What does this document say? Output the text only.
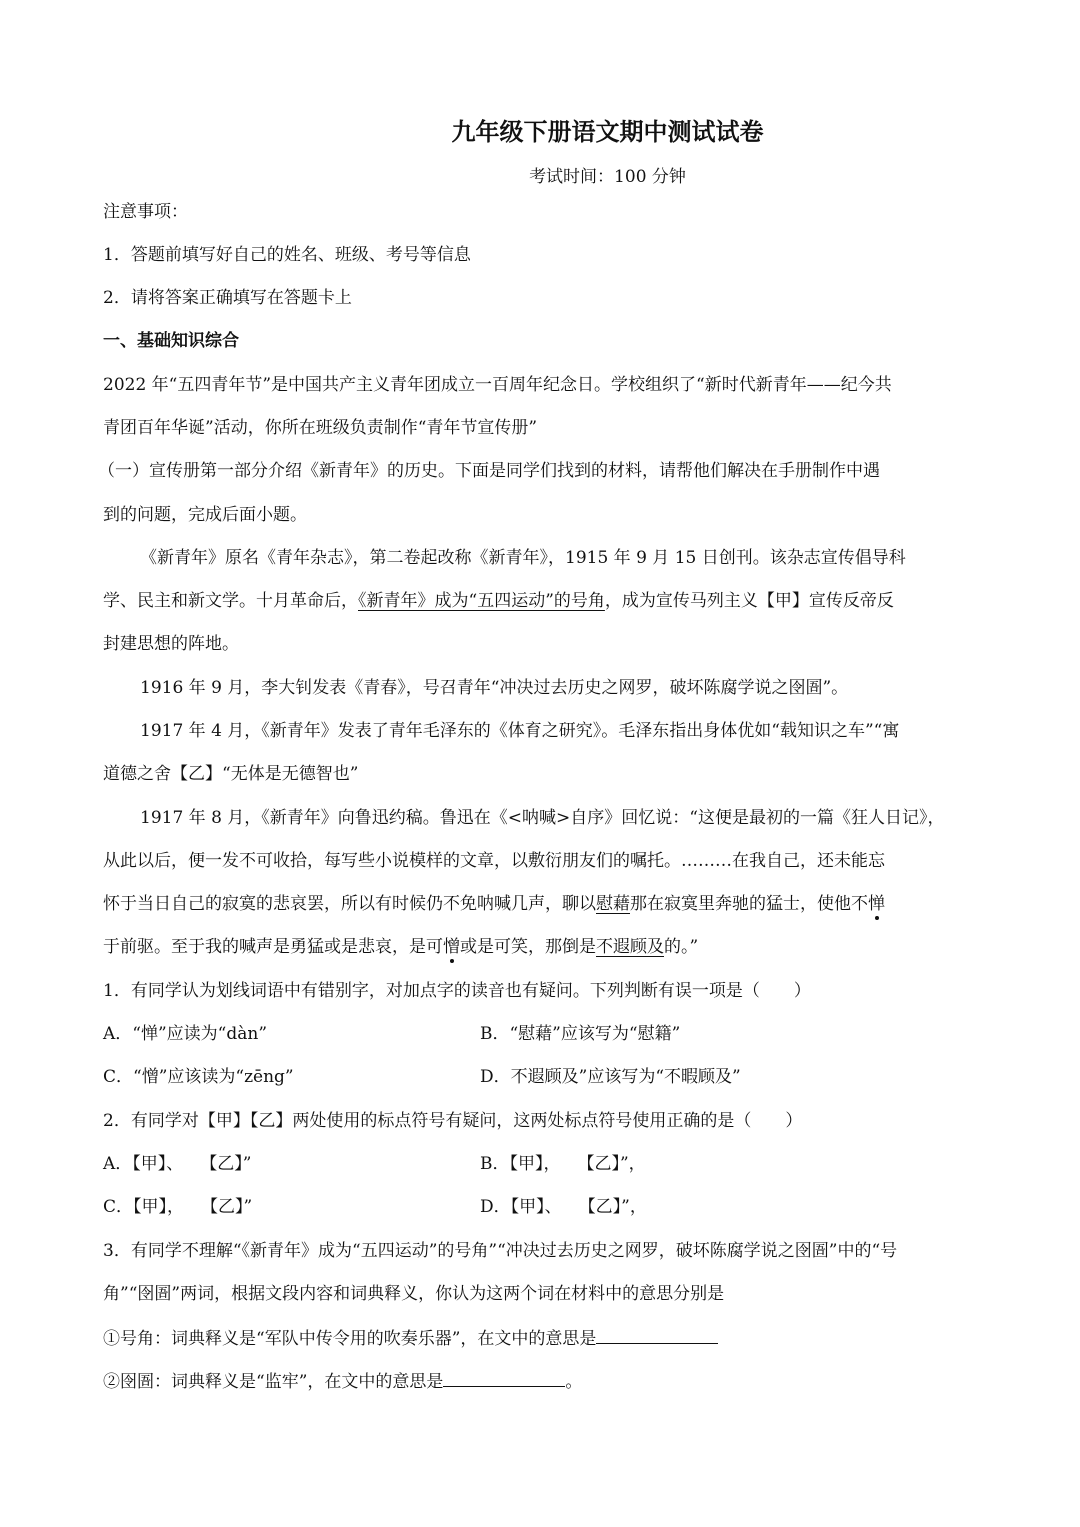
九年级下册语文期中测试试卷
考试时间：100 分钟
注意事项：
1．答题前填写好自己的姓名、班级、考号等信息
2．请将答案正确填写在答题卡上
一、基础知识综合
2022 年“五四青年节”是中国共产主义青年团成立一百周年纪念日。学校组织了“新时代新青年——纪今共
青团百年华诞”活动，你所在班级负责制作“青年节宣传册”
（一）宣传册第一部分介绍《新青年》的历史。下面是同学们找到的材料，请帮他们解决在手册制作中遇
到的问题，完成后面小题。
《新青年》原名《青年杂志》，第二卷起改称《新青年》，1915 年 9 月 15 日创刊。该杂志宣传倡导科
学、民主和新文学。十月革命后，《新青年》成为“五四运动”的号角，成为宣传马列主义【甲】宣传反帝反
封建思想的阵地。
1916 年 9 月，李大钊发表《青春》，号召青年“冲决过去历史之网罗，破坏陈腐学说之囹圄”。
1917 年 4 月，《新青年》发表了青年毛泽东的《体育之研究》。毛泽东指出身体优如“载知识之车”“寓
道德之舍【乙】“无体是无德智也”
1917 年 8 月，《新青年》向鲁迅约稿。鲁迅在《<呐喊>自序》回忆说：“这便是最初的一篇《狂人日记》，
从此以后，便一发不可收拾，每写些小说模样的文章，以敷衍朋友们的嘱托。………在我自己，还未能忘
怀于当日自己的寂寞的悲哀罢，所以有时候仍不免呐喊几声，聊以慰藉那在寂寞里奔驰的猛士，使他不惮
于前驱。至于我的喊声是勇猛或是悲哀，是可憎或是可笑，那倒是不遐顾及的。”
1．有同学认为划线词语中有错别字，对加点字的读音也有疑问。下列判断有误一项是（　　）
A．“惮”应读为“dàn”	B．“慰藉”应该写为“慰籍”
C．“憎”应该读为“zēng”	D．不遐顾及”应该写为“不暇顾及”
2．有同学对【甲】【乙】两处使用的标点符号有疑问，这两处标点符号使用正确的是（　　）
A．【甲】、　　【乙】”	B．【甲】，　　【乙】”，
C．【甲】，　　【乙】”	D．【甲】、　　【乙】”，
3．有同学不理解“《新青年》成为“五四运动”的号角”“冲决过去历史之网罗，破坏陈腐学说之囹圄”中的“号
角”“囹圄”两词，根据文段内容和词典释义，你认为这两个词在材料中的意思分别是
①号角：词典释义是“军队中传令用的吹奏乐器”，在文中的意思是
②囹圄：词典释义是“监牢”，在文中的意思是	。
